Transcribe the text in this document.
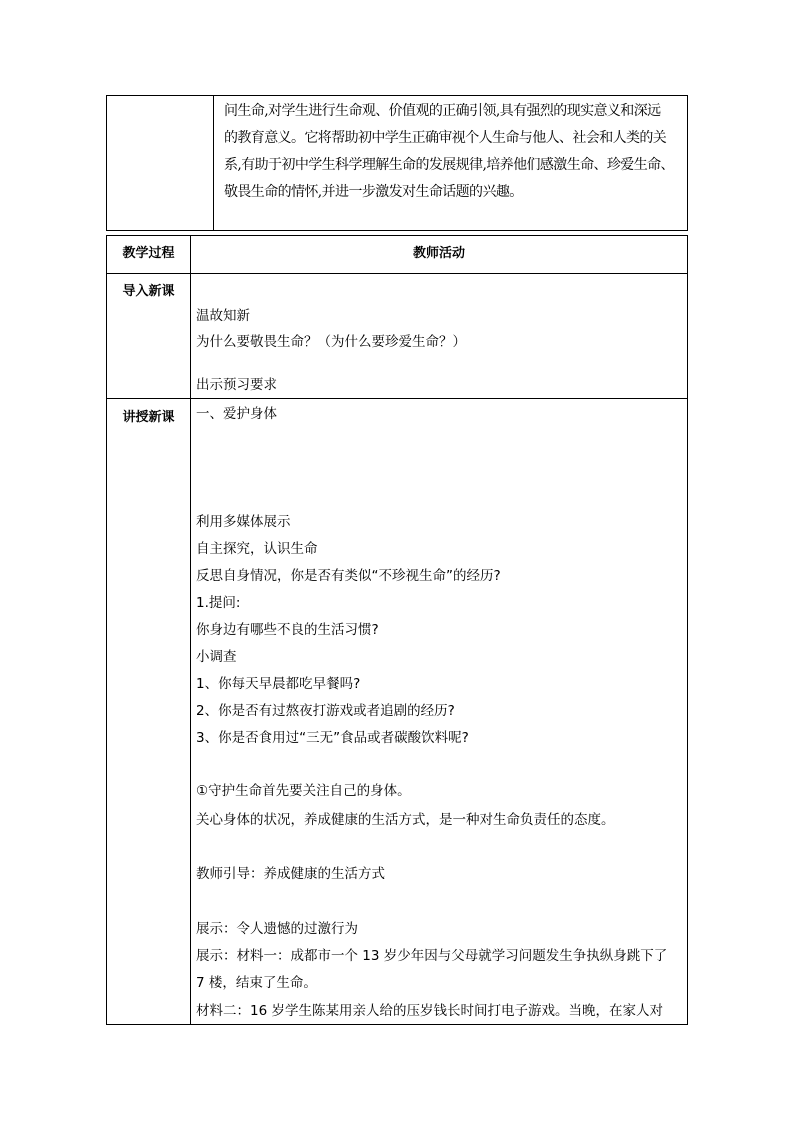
问生命,对学生进行生命观、价值观的正确引领,具有强烈的现实意义和深远
的教育意义。它将帮助初中学生正确审视个人生命与他人、社会和人类的关
系,有助于初中学生科学理解生命的发展规律,培养他们感激生命、珍爱生命、
敬畏生命的情怀,并进一步激发对生命话题的兴趣。
教学过程	教师活动
导入新课
温故知新
为什么要敬畏生命？（为什么要珍爱生命？）
出示预习要求
讲授新课	一、爱护身体
利用多媒体展示
自主探究，认识生命
反思自身情况，你是否有类似“不珍视生命”的经历?
1.提问:
你身边有哪些不良的生活习惯?
小调查
1、你每天早晨都吃早餐吗?
2、你是否有过熬夜打游戏或者追剧的经历?
3、你是否食用过“三无”食品或者碳酸饮料呢?
①守护生命首先要关注自己的身体。
关心身体的状况，养成健康的生活方式，是一种对生命负责任的态度。
教师引导：养成健康的生活方式
展示：令人遗憾的过激行为
展示：材料一：成都市一个 13 岁少年因与父母就学习问题发生争执纵身跳下了
7 楼，结束了生命。
材料二：16 岁学生陈某用亲人给的压岁钱长时间打电子游戏。当晚，在家人对
